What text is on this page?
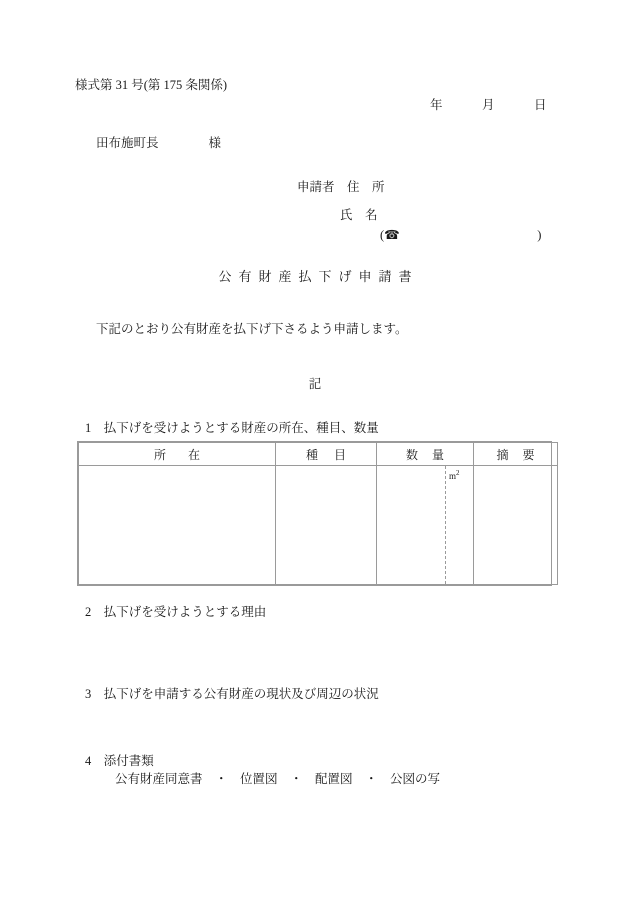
様式第 31 号(第 175 条関係)
年　　　月　　　日
田布施町長　　　　様
申請者　住　所
氏　名
(☎　　　　　　　　　　　)
公有財産払下げ申請書
下記のとおり公有財産を払下げ下さるよう申請します。
記
1　払下げを受けようとする財産の所在、種目、数量
所在	種目	数量	摘要

		$m^2$

2　払下げを受けようとする理由
3　払下げを申請する公有財産の現状及び周辺の状況
4　添付書類
公有財産同意書　・　位置図　・　配置図　・　公図の写
